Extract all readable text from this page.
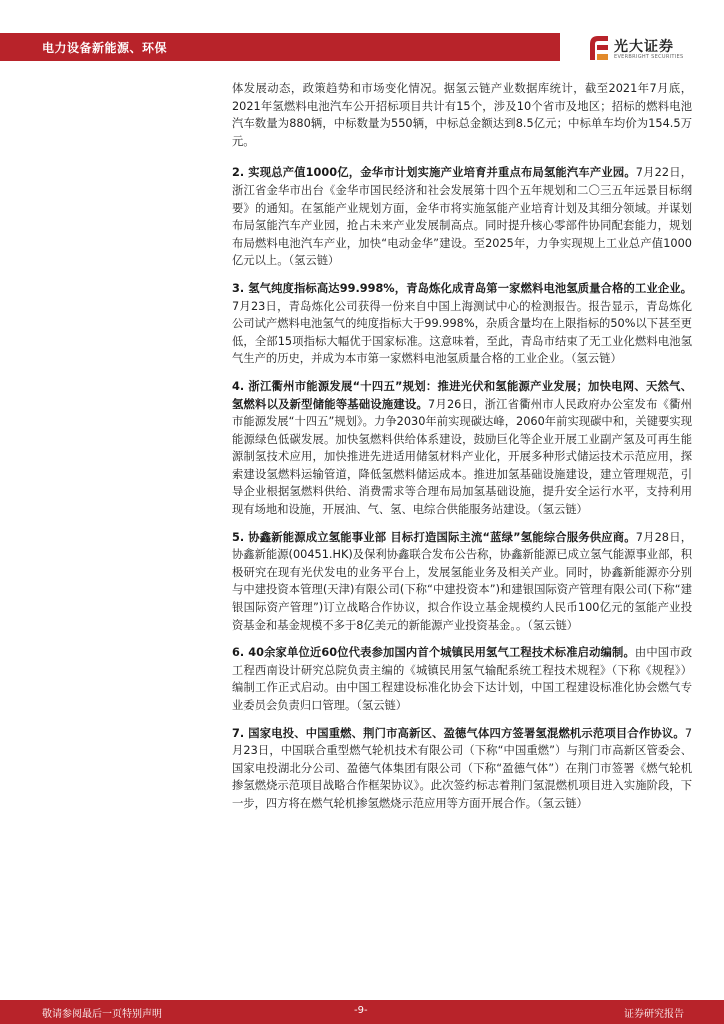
电力设备新能源、环保	光大证券
EVERBRIGHT SECURITIES

体发展动态，政策趋势和市场变化情况。据氢云链产业数据库统计，截至2021年7月底，2021年氢燃料电池汽车公开招标项目共计有15个，涉及10个省市及地区；招标的燃料电池汽车数量为880辆，中标数量为550辆，中标总金额达到8.5亿元；中标单车均价为154.5万元。

2. 实现总产值1000亿，金华市计划实施产业培育并重点布局氢能汽车产业园。7月22日，浙江省金华市出台《金华市国民经济和社会发展第十四个五年规划和二〇三五年远景目标纲要》的通知。在氢能产业规划方面，金华市将实施氢能产业培育计划及其细分领域。并谋划布局氢能汽车产业园，抢占未来产业发展制高点。同时提升核心零部件协同配套能力，规划布局燃料电池汽车产业，加快“电动金华”建设。至2025年，力争实现规上工业总产值1000亿元以上。（氢云链）

3. 氢气纯度指标高达99.998%，青岛炼化成青岛第一家燃料电池氢质量合格的工业企业。7月23日，青岛炼化公司获得一份来自中国上海测试中心的检测报告。报告显示，青岛炼化公司试产燃料电池氢气的纯度指标大于99.998%，杂质含量均在上限指标的50%以下甚至更低，全部15项指标大幅优于国家标准。这意味着，至此，青岛市结束了无工业化燃料电池氢气生产的历史，并成为本市第一家燃料电池氢质量合格的工业企业。（氢云链）

4. 浙江衢州市能源发展“十四五”规划：推进光伏和氢能源产业发展；加快电网、天然气、氢燃料以及新型储能等基础设施建设。7月26日，浙江省衢州市人民政府办公室发布《衢州市能源发展“十四五”规划》。力争2030年前实现碳达峰，2060年前实现碳中和，关键要实现能源绿色低碳发展。加快氢燃料供给体系建设，鼓励巨化等企业开展工业副产氢及可再生能源制氢技术应用，加快推进先进适用储氢材料产业化，开展多种形式储运技术示范应用，探索建设氢燃料运输管道，降低氢燃料储运成本。推进加氢基础设施建设，建立管理规范，引导企业根据氢燃料供给、消费需求等合理布局加氢基础设施，提升安全运行水平，支持利用现有场地和设施，开展油、气、氢、电综合供能服务站建设。（氢云链）

5. 协鑫新能源成立氢能事业部 目标打造国际主流“蓝绿”氢能综合服务供应商。7月28日，协鑫新能源(00451.HK)及保利协鑫联合发布公告称，协鑫新能源已成立氢气能源事业部，积极研究在现有光伏发电的业务平台上，发展氢能业务及相关产业。同时，协鑫新能源亦分别与中建投资本管理(天津)有限公司(下称“中建投资本”)和建银国际资产管理有限公司(下称“建银国际资产管理”)订立战略合作协议，拟合作设立基金规模约人民币100亿元的氢能产业投资基金和基金规模不多于8亿美元的新能源产业投资基金。。（氢云链）

6. 40余家单位近60位代表参加国内首个城镇民用氢气工程技术标准启动编制。由中国市政工程西南设计研究总院负责主编的《城镇民用氢气输配系统工程技术规程》（下称《规程》）编制工作正式启动。由中国工程建设标准化协会下达计划，中国工程建设标准化协会燃气专业委员会负责归口管理。（氢云链）

7. 国家电投、中国重燃、荆门市高新区、盈德气体四方签署氢混燃机示范项目合作协议。7月23日，中国联合重型燃气轮机技术有限公司（下称“中国重燃”）与荆门市高新区管委会、国家电投湖北分公司、盈德气体集团有限公司（下称“盈德气体”）在荆门市签署《燃气轮机掺氢燃烧示范项目战略合作框架协议》。此次签约标志着荆门氢混燃机项目进入实施阶段，下一步，四方将在燃气轮机掺氢燃烧示范应用等方面开展合作。（氢云链）

敬请参阅最后一页特别声明	-9-	证券研究报告
